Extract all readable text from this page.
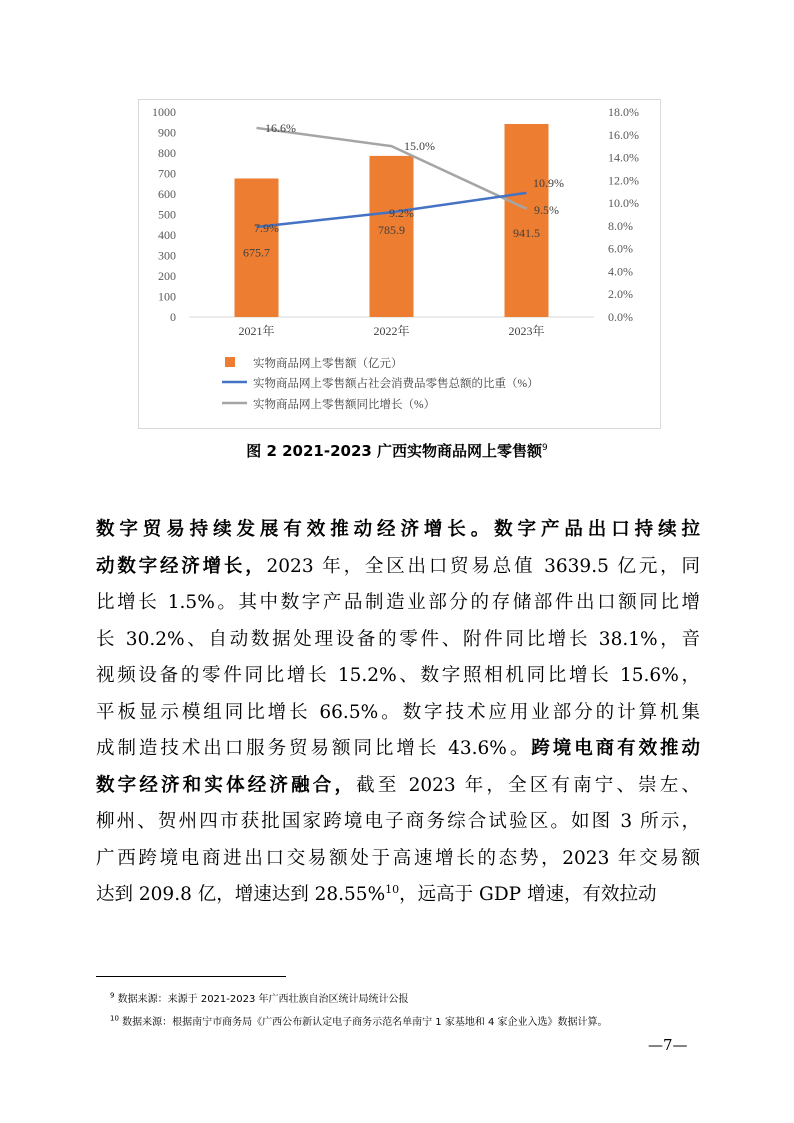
0
100
200
300
400
500
600
700
800
900
1000
0.0%
2.0%
4.0%
6.0%
8.0%
10.0%
12.0%
14.0%
16.0%
18.0%
2021年	2022年	2023年
675.7
785.9	941.5
7.9%
9.2%
10.9%
16.6%
15.0%
9.5%
实物商品网上零售额（亿元）
实物商品网上零售额占社会消费品零售总额的比重（%）
实物商品网上零售额同比增长（%）
图 2 2021-2023 广西实物商品网上零售额$^9$
数字贸易持续发展有效推动经济增长。数字产品出口持续拉
动数字经济增长，2023 年，全区出口贸易总值 3639.5 亿元，同
比增长 1.5%。其中数字产品制造业部分的存储部件出口额同比增
长 30.2%、自动数据处理设备的零件、附件同比增长 38.1%，音
视频设备的零件同比增长 15.2%、数字照相机同比增长 15.6%，
平板显示模组同比增长 66.5%。数字技术应用业部分的计算机集
成制造技术出口服务贸易额同比增长 43.6%。跨境电商有效推动
数字经济和实体经济融合，截至 2023 年，全区有南宁、崇左、
柳州、贺州四市获批国家跨境电子商务综合试验区。如图 3 所示，
广西跨境电商进出口交易额处于高速增长的态势，2023 年交易额
达到 209.8 亿，增速达到 28.55%$^{10}$，远高于 GDP 增速，有效拉动
$^9$ 数据来源：来源于 2021-2023 年广西壮族自治区统计局统计公报
$^{10}$ 数据来源：根据南宁市商务局《广西公布新认定电子商务示范名单南宁 1 家基地和 4 家企业入选》数据计算。
—7—
